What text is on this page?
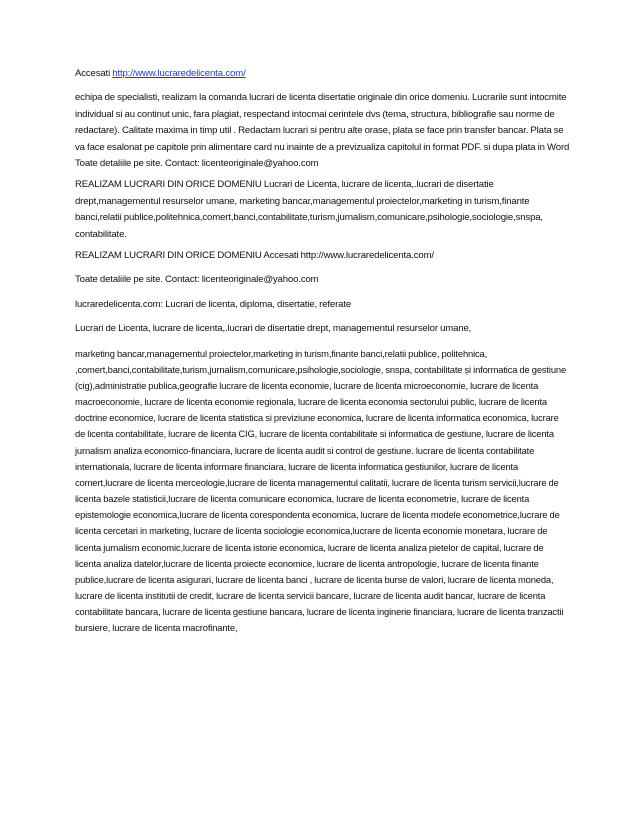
Accesati http://www.lucraredelicenta.com/

echipa de specialisti, realizam la comanda lucrari de licenta disertatie originale din orice domeniu. Lucrarile sunt intocmite individual si au continut unic, fara plagiat, respectand intocmai cerintele dvs (tema, structura, bibliografie sau norme de redactare). Calitate maxima in timp util . Redactam lucrari si pentru alte orase, plata se face prin transfer bancar. Plata se va face esalonat pe capitole prin alimentare card nu inainte de a previzualiza capitolul in format PDF. si dupa plata in Word Toate detaliile pe site. Contact: licenteoriginale@yahoo.com

REALIZAM LUCRARI DIN ORICE DOMENIU Lucrari de Licenta, lucrare de licenta,.lucrari de disertatie drept,managementul resurselor umane, marketing bancar,managementul proiectelor,marketing in turism,finante banci,relatii publice,politehnica,comert,banci,contabilitate,turism,jurnalism,comunicare,psihologie,sociologie,snspa, contabilitate.

REALIZAM LUCRARI DIN ORICE DOMENIU Accesati http://www.lucraredelicenta.com/

Toate detaliile pe site. Contact: licenteoriginale@yahoo.com

lucraredelicenta.com: Lucrari de licenta, diploma, disertatie, referate

Lucrari de Licenta, lucrare de licenta,.lucrari de disertatie drept, managementul resurselor umane,

marketing bancar,managementul proiectelor,marketing in turism,finante banci,relatii publice, politehnica, ,comert,banci,contabilitate,turism,jurnalism,comunicare,psihologie,sociologie, snspa, contabilitate și informatica de gestiune (cig),administratie publica,geografie lucrare de licenta economie, lucrare de licenta microeconomie, lucrare de licenta macroeconomie, lucrare de licenta economie regionala, lucrare de licenta economia sectorului public, lucrare de licenta doctrine economice, lucrare de licenta statistica si previziune economica, lucrare de licenta informatica economica, lucrare de licenta contabilitate, lucrare de licenta CIG, lucrare de licenta contabilitate si informatica de gestiune, lucrare de licenta jurnalism analiza economico-financiara, lucrare de licenta audit si control de gestiune. lucrare de licenta contabilitate internationala, lucrare de licenta informare financiara, lucrare de licenta informatica gestiunilor, lucrare de licenta comert,lucrare de licenta merceologie,lucrare de licenta managementul calitatii, lucrare de licenta turism servicii,lucrare de licenta bazele statisticii,lucrare de licenta comunicare economica, lucrare de licenta econometrie, lucrare de licenta epistemologie economica,lucrare de licenta corespondenta economica, lucrare de licenta modele econometrice,lucrare de licenta cercetari in marketing, lucrare de licenta sociologie economica,lucrare de licenta economie monetara, lucrare de licenta jurnalism economic,lucrare de licenta istorie economica, lucrare de licenta analiza pietelor de capital, lucrare de licenta analiza datelor,lucrare de licenta proiecte economice, lucrare de licenta antropologie, lucrare de licenta finante publice,lucrare de licenta asigurari, lucrare de licenta banci , lucrare de licenta burse de valori, lucrare de licenta moneda, lucrare de licenta institutii de credit, lucrare de licenta servicii bancare, lucrare de licenta audit bancar, lucrare de licenta contabilitate bancara, lucrare de licenta gestiune bancara, lucrare de licenta inginerie financiara, lucrare de licenta tranzactii bursiere, lucrare de licenta macrofinante,
